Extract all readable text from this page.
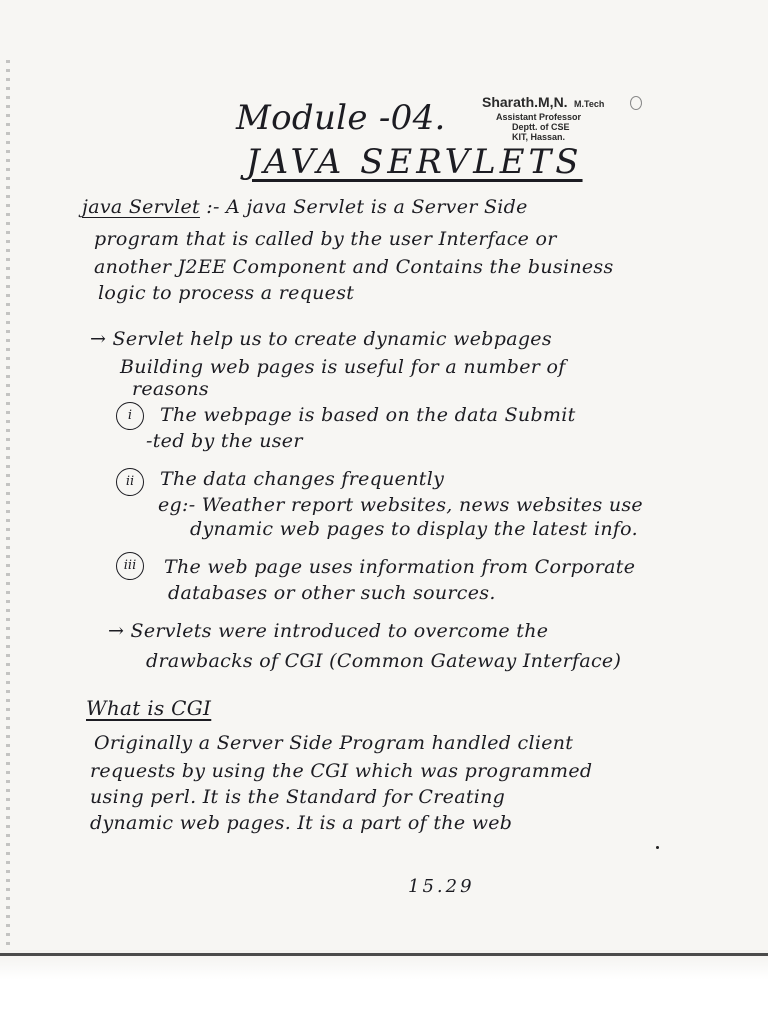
Module -04.
JAVA SERVLETS
Sharath.M,N. M.Tech
Assistant Professor
Deptt. of CSE
KIT, Hassan.
java Servlet :- A java Servlet is a Server Side
program that is called by the user Interface or
another J2EE Component and Contains the business
logic to process a request
→ Servlet help us to create dynamic webpages
Building web pages is useful for a number of
reasons
i	The webpage is based on the data Submit
-ted by the user
ii	The data changes frequently
eg:- Weather report websites, news websites use
dynamic web pages to display the latest info.
iii	The web page uses information from Corporate
databases or other such sources.
→ Servlets were introduced to overcome the
drawbacks of CGI (Common Gateway Interface)
What is CGI
Originally a Server Side Program handled client
requests by using the CGI which was programmed
using perl. It is the Standard for Creating
dynamic web pages. It is a part of the web
15.29
